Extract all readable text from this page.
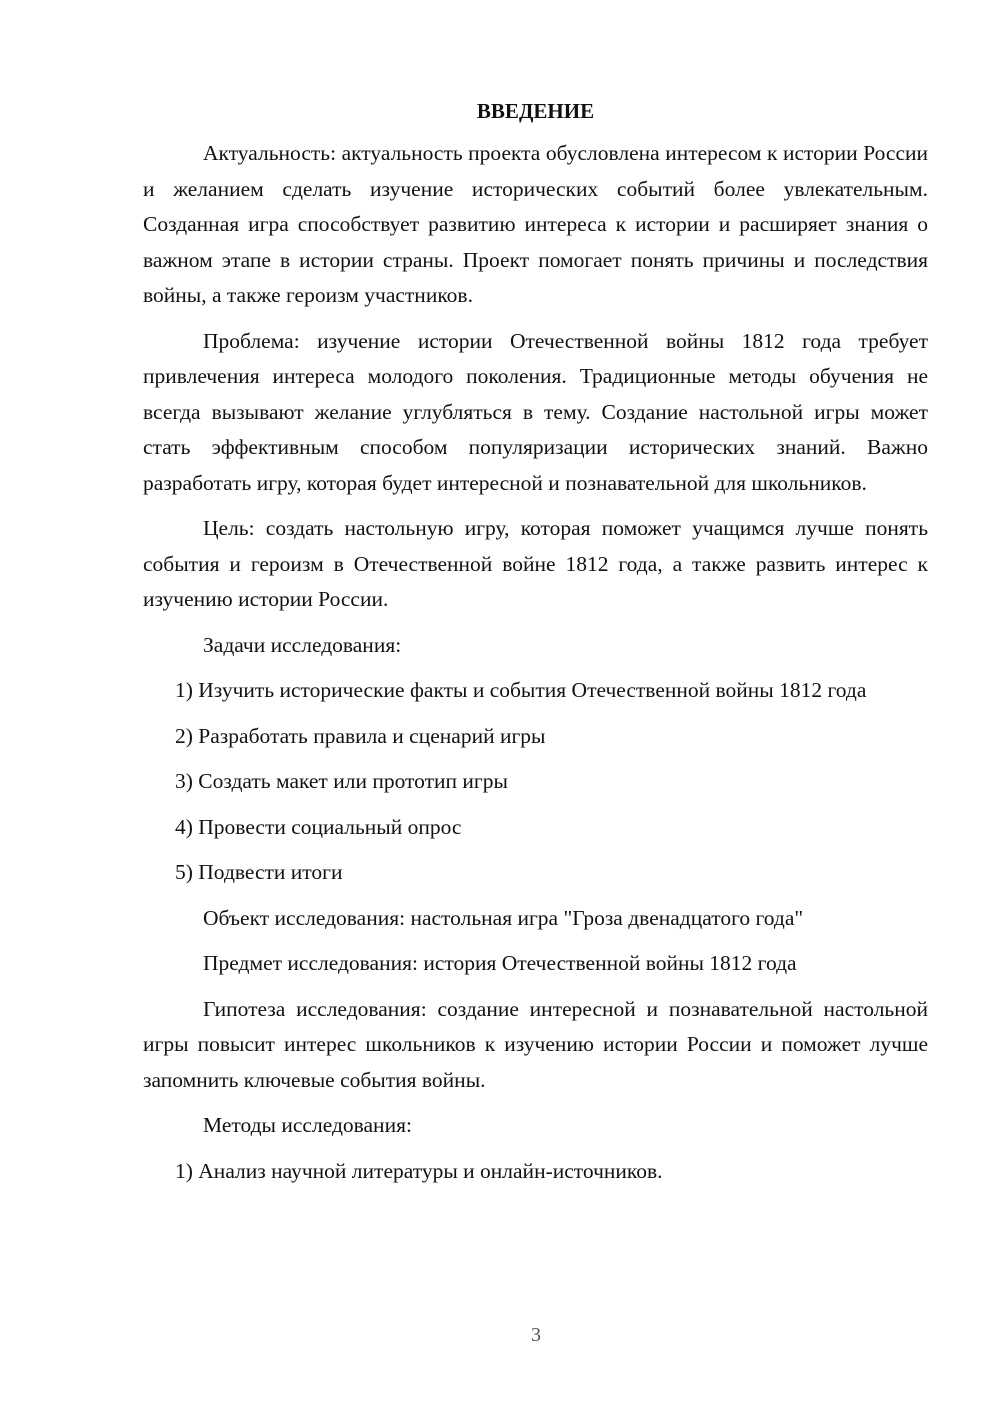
ВВЕДЕНИЕ

Актуальность: актуальность проекта обусловлена интересом к истории России и желанием сделать изучение исторических событий более увлекательным. Созданная игра способствует развитию интереса к истории и расширяет знания о важном этапе в истории страны. Проект помогает понять причины и последствия войны, а также героизм участников.

Проблема: изучение истории Отечественной войны 1812 года требует привлечения интереса молодого поколения. Традиционные методы обучения не всегда вызывают желание углубляться в тему. Создание настольной игры может стать эффективным способом популяризации исторических знаний. Важно разработать игру, которая будет интересной и познавательной для школьников.

Цель: создать настольную игру, которая поможет учащимся лучше понять события и героизм в Отечественной войне 1812 года, а также развить интерес к изучению истории России.

Задачи исследования:

1) Изучить исторические факты и события Отечественной войны 1812 года

2) Разработать правила и сценарий игры

3) Создать макет или прототип игры

4) Провести социальный опрос

5) Подвести итоги

Объект исследования: настольная игра "Гроза двенадцатого года"

Предмет исследования: история Отечественной войны 1812 года

Гипотеза исследования: создание интересной и познавательной настольной игры повысит интерес школьников к изучению истории России и поможет лучше запомнить ключевые события войны.

Методы исследования:

1) Анализ научной литературы и онлайн-источников.

3
